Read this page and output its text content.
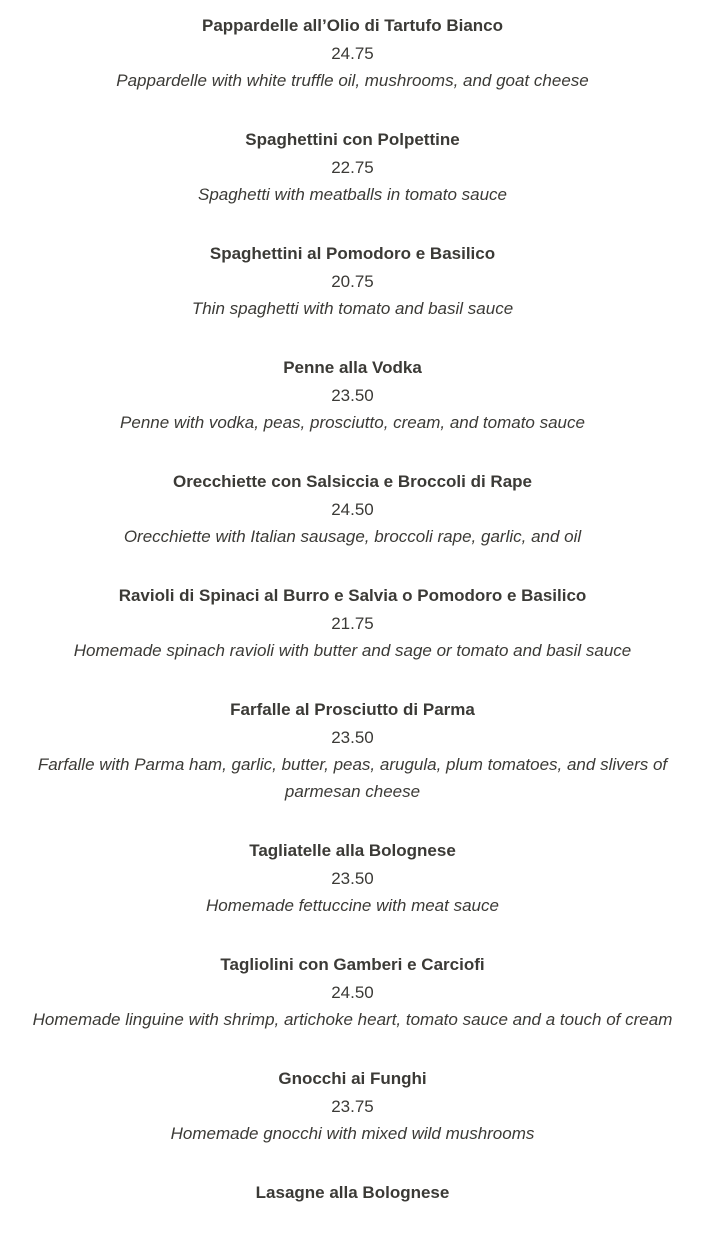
Pappardelle all’Olio di Tartufo Bianco
24.75
Pappardelle with white truffle oil, mushrooms, and goat cheese
Spaghettini con Polpettine
22.75
Spaghetti with meatballs in tomato sauce
Spaghettini al Pomodoro e Basilico
20.75
Thin spaghetti with tomato and basil sauce
Penne alla Vodka
23.50
Penne with vodka, peas, prosciutto, cream, and tomato sauce
Orecchiette con Salsiccia e Broccoli di Rape
24.50
Orecchiette with Italian sausage, broccoli rape, garlic, and oil
Ravioli di Spinaci al Burro e Salvia o Pomodoro e Basilico
21.75
Homemade spinach ravioli with butter and sage or tomato and basil sauce
Farfalle al Prosciutto di Parma
23.50
Farfalle with Parma ham, garlic, butter, peas, arugula, plum tomatoes, and slivers of parmesan cheese
Tagliatelle alla Bolognese
23.50
Homemade fettuccine with meat sauce
Tagliolini con Gamberi e Carciofi
24.50
Homemade linguine with shrimp, artichoke heart, tomato sauce and a touch of cream
Gnocchi ai Funghi
23.75
Homemade gnocchi with mixed wild mushrooms
Lasagne alla Bolognese
